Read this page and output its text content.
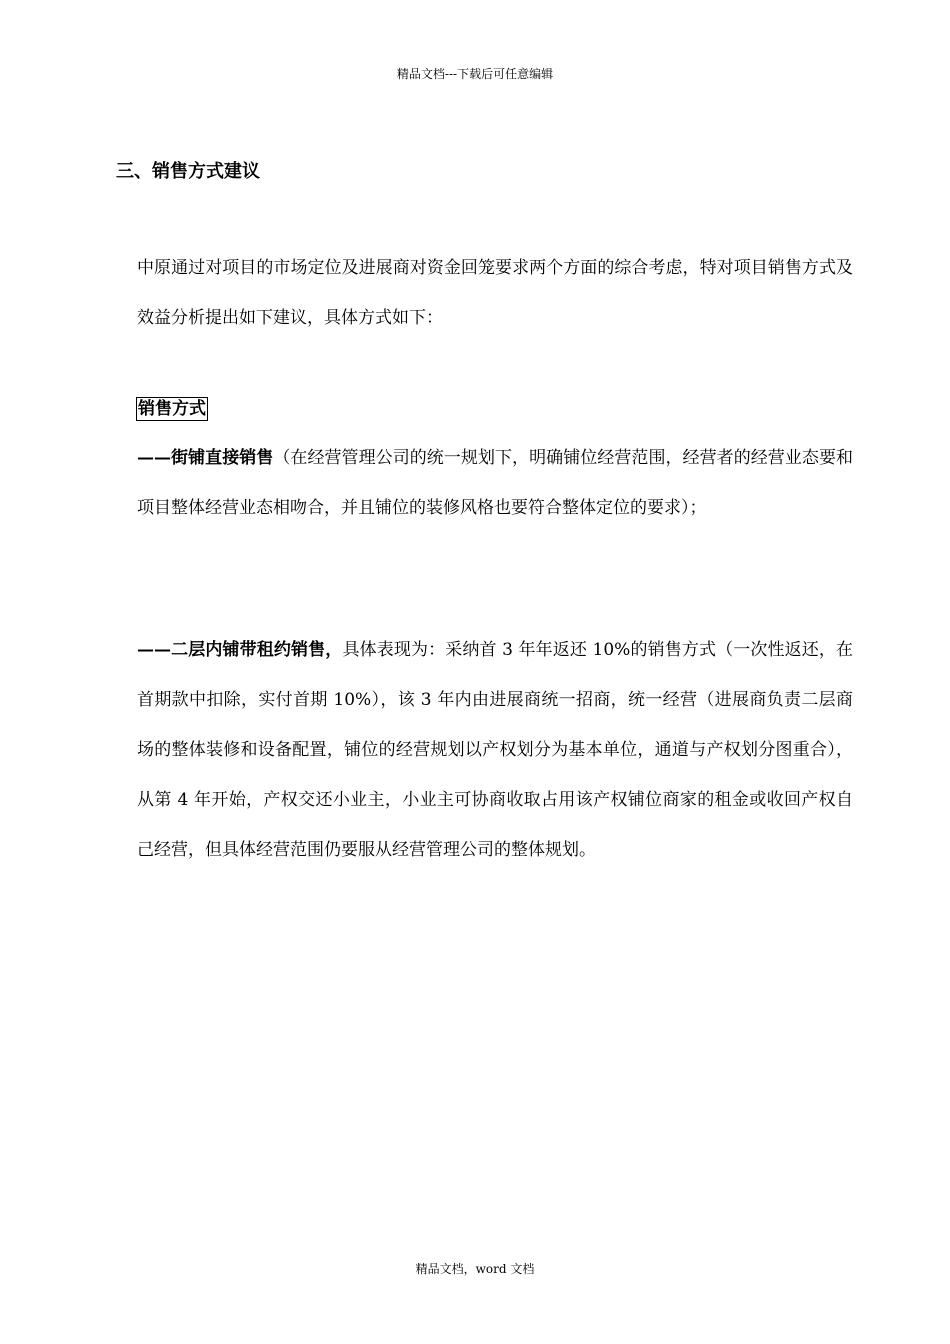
精品文档---下载后可任意编辑
三、销售方式建议

中原通过对项目的市场定位及进展商对资金回笼要求两个方面的综合考虑，特对项目销售方式及效益分析提出如下建议，具体方式如下：

销售方式

——街铺直接销售（在经营管理公司的统一规划下，明确铺位经营范围，经营者的经营业态要和项目整体经营业态相吻合，并且铺位的装修风格也要符合整体定位的要求）；

——二层内铺带租约销售，具体表现为：采纳首 3 年年返还 10%的销售方式（一次性返还，在首期款中扣除，实付首期 10%），该 3 年内由进展商统一招商，统一经营（进展商负责二层商场的整体装修和设备配置，铺位的经营规划以产权划分为基本单位，通道与产权划分图重合），从第 4 年开始，产权交还小业主，小业主可协商收取占用该产权铺位商家的租金或收回产权自己经营，但具体经营范围仍要服从经营管理公司的整体规划。

精品文档，word 文档
